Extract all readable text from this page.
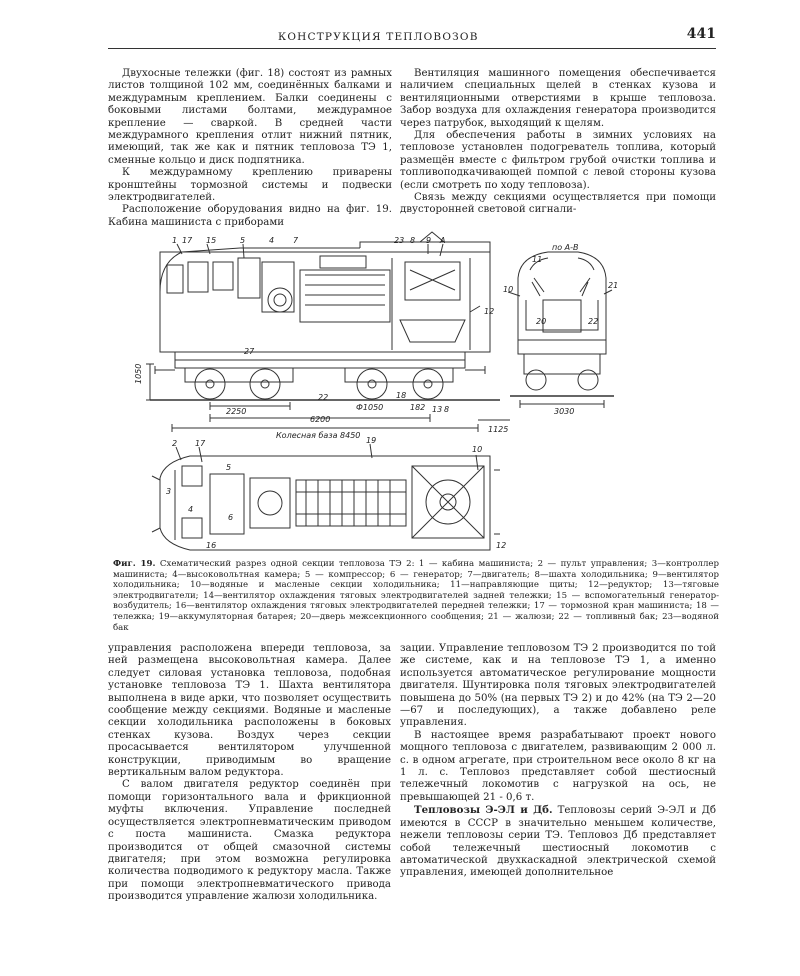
КОНСТРУКЦИЯ ТЕПЛОВОЗОВ	441

Двухосные тележки (фиг. 18) состоят из рамных листов толщиной 102 мм, соединённых балками и междурамным креплением. Балки соединены с боковыми листами болтами, междурамное крепление — сваркой. В средней части междурамного крепления отлит нижний пятник, имеющий, так же как и пятник тепловоза ТЭ 1, сменные кольцо и диск подпятника.

К междурамному креплению приварены кронштейны тормозной системы и подвески электродвигателей.

Расположение оборудования видно на фиг. 19. Кабина машиниста с приборами

Вентиляция машинного помещения обеспечивается наличием специальных щелей в стенках кузова и вентиляционными отверстиями в крыше тепловоза. Забор воздуха для охлаждения генератора производится через патрубок, выходящий к щелям.

Для обеспечения работы в зимних условиях на тепловозе установлен подогреватель топлива, который размещён вместе с фильтром грубой очистки топлива и топливоподкачивающей помпой с левой стороны кузова (если смотреть по ходу тепловоза).

Связь между секциями осуществляется при помощи двусторонней световой сигнали-

1 17 15	5	4 7	23 8 9 A
12
27
22	18
13 8
1050
2250
6200
Ф1050	182
Колесная база 8450
1125
3030
по А-В
11
10	21
20	22
2 17
3
5
16
6
4
19
10
12
Фиг. 19. Схематический разрез одной секции тепловоза ТЭ 2: 1 — кабина машиниста; 2 — пульт управления; 3—контроллер машиниста; 4—высоковольтная камера; 5 — компрессор; 6 — генератор; 7—двигатель; 8—шахта холодильника; 9—вентилятор холодильника; 10—водяные и масленые секции холодильника; 11—направляющие щиты; 12—редуктор; 13—тяговые электродвигатели; 14—вентилятор охлаждения тяговых электродвигателей задней тележки; 15 — вспомогательный генератор-возбудитель; 16—вентилятор охлаждения тяговых электродвигателей передней тележки; 17 — тормозной кран машиниста; 18 — тележка; 19—аккумуляторная батарея; 20—дверь межсекционного сообщения; 21 — жалюзи; 22 — топливный бак; 23—водяной бак

управления расположена впереди тепловоза, за ней размещена высоковольтная камера. Далее следует силовая установка тепловоза, подобная установке тепловоза ТЭ 1. Шахта вентилятора выполнена в виде арки, что позволяет осуществить сообщение между секциями. Водяные и масленые секции холодильника расположены в боковых стенках кузова. Воздух через секции просасывается вентилятором улучшенной конструкции, приводимым во вращение вертикальным валом редуктора.

С валом двигателя редуктор соединён при помощи горизонтального вала и фрикционной муфты включения. Управление последней осуществляется электропневматическим приводом с поста машиниста. Смазка редуктора производится от общей смазочной системы двигателя; при этом возможна регулировка количества подводимого к редуктору масла. Также при помощи электропневматического привода производится управление жалюзи холодильника.

зации. Управление тепловозом ТЭ 2 производится по той же системе, как и на тепловозе ТЭ 1, а именно используется автоматическое регулирование мощности двигателя. Шунтировка поля тяговых электродвигателей повышена до 50% (на первых ТЭ 2) и до 42% (на ТЭ 2—20—67 и последующих), а также добавлено реле управления.

В настоящее время разрабатывают проект нового мощного тепловоза с двигателем, развивающим 2 000 л. с. в одном агрегате, при строительном весе около 8 кг на 1 л. с. Тепловоз представляет собой шестиосный тележечный локомотив с нагрузкой на ось, не превышающей 21 - 0,6 т.

Тепловозы Э-ЭЛ и Дб. Тепловозы серий Э-ЭЛ и Дб имеются в СССР в значительно меньшем количестве, нежели тепловозы серии ТЭ. Тепловоз Дб представляет собой тележечный шестиосный локомотив с автоматической двухкаскадной электрической схемой управления, имеющей дополнительное
